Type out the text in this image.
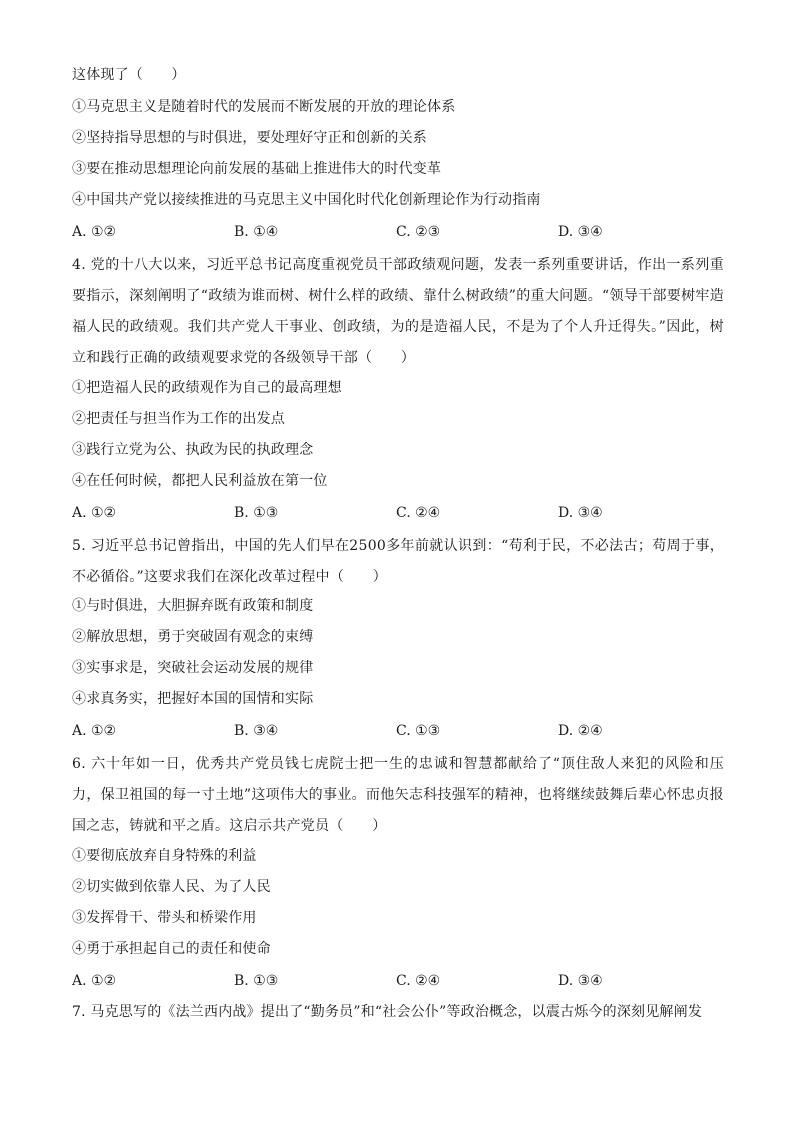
这体现了（　　）
①马克思主义是随着时代的发展而不断发展的开放的理论体系
②坚持指导思想的与时俱进，要处理好守正和创新的关系
③要在推动思想理论向前发展的基础上推进伟大的时代变革
④中国共产党以接续推进的马克思主义中国化时代化创新理论作为行动指南
A. ①②	B. ①④	C. ②③	D. ③④
4. 党的十八大以来，习近平总书记高度重视党员干部政绩观问题，发表一系列重要讲话，作出一系列重要指示，深刻阐明了“政绩为谁而树、树什么样的政绩、靠什么树政绩”的重大问题。“领导干部要树牢造福人民的政绩观。我们共产党人干事业、创政绩，为的是造福人民，不是为了个人升迁得失。”因此，树立和践行正确的政绩观要求党的各级领导干部（　　）
①把造福人民的政绩观作为自己的最高理想
②把责任与担当作为工作的出发点
③践行立党为公、执政为民的执政理念
④在任何时候，都把人民利益放在第一位
A. ①②	B. ①③	C. ②④	D. ③④
5. 习近平总书记曾指出，中国的先人们早在2500多年前就认识到：“苟利于民，不必法古；苟周于事，不必循俗。”这要求我们在深化改革过程中（　　）
①与时俱进，大胆摒弃既有政策和制度
②解放思想，勇于突破固有观念的束缚
③实事求是，突破社会运动发展的规律
④求真务实，把握好本国的国情和实际
A. ①②	B. ③④	C. ①③	D. ②④
6. 六十年如一日，优秀共产党员钱七虎院士把一生的忠诚和智慧都献给了“顶住敌人来犯的风险和压力，保卫祖国的每一寸土地”这项伟大的事业。而他矢志科技强军的精神，也将继续鼓舞后辈心怀忠贞报国之志，铸就和平之盾。这启示共产党员（　　）
①要彻底放弃自身特殊的利益
②切实做到依靠人民、为了人民
③发挥骨干、带头和桥梁作用
④勇于承担起自己的责任和使命
A. ①②	B. ①③	C. ②④	D. ③④
7. 马克思写的《法兰西内战》提出了“勤务员”和“社会公仆”等政治概念，以震古烁今的深刻见解阐发
